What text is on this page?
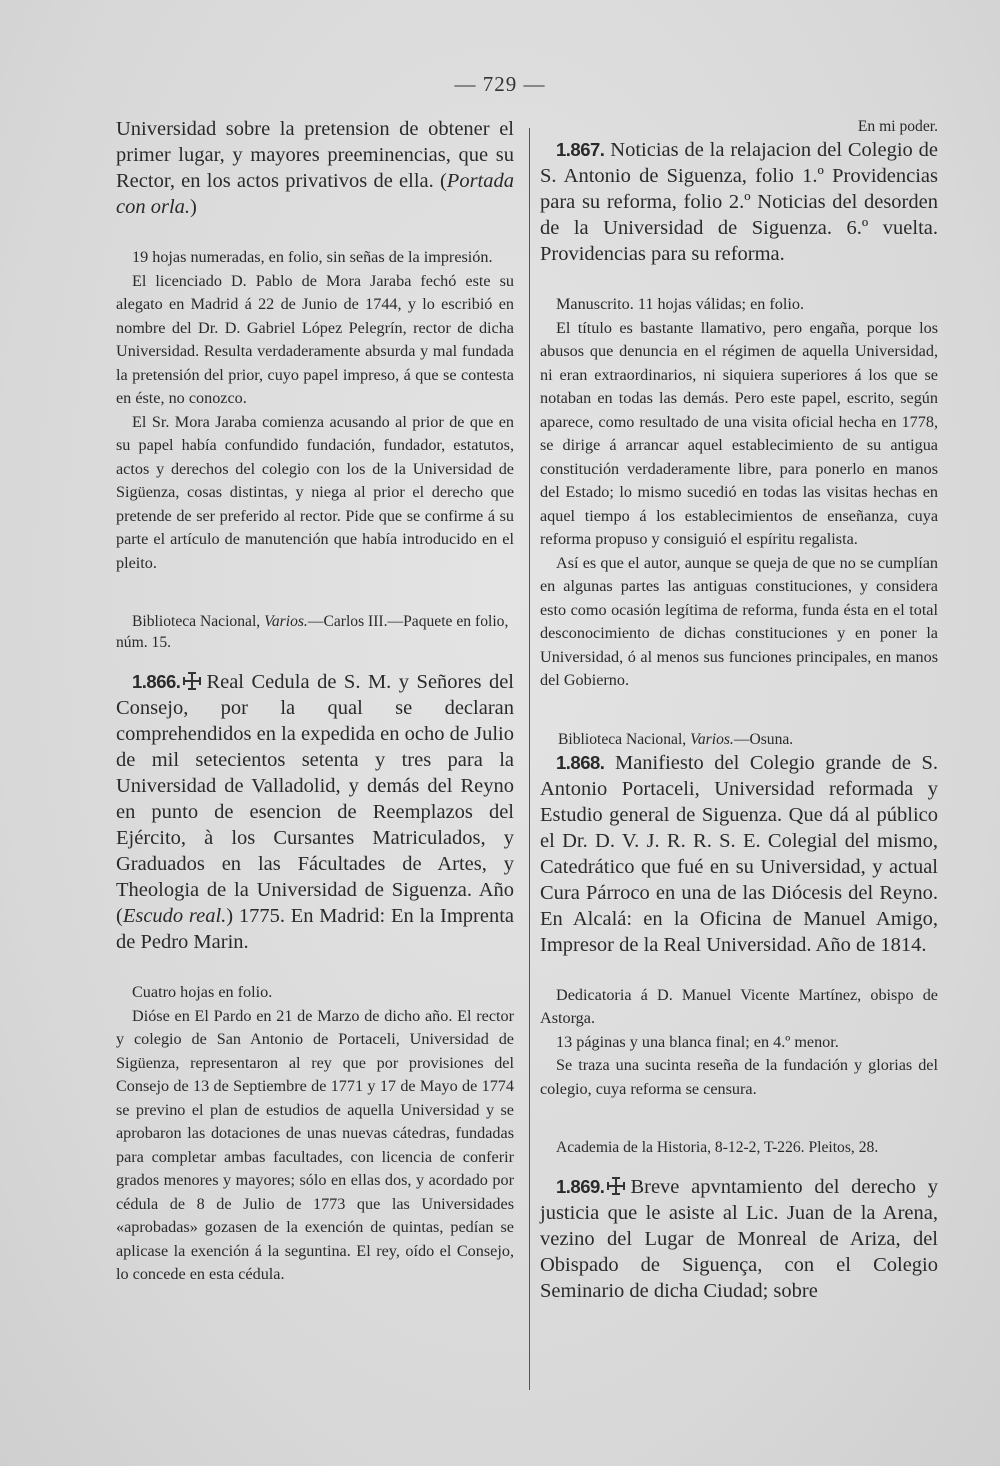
— 729 —

Universidad sobre la pretension de obtener el primer lugar, y mayores preeminencias, que su Rector, en los actos privativos de ella. (Portada con orla.)

19 hojas numeradas, en folio, sin señas de la impresión.

El licenciado D. Pablo de Mora Jaraba fechó este su alegato en Madrid á 22 de Junio de 1744, y lo escribió en nombre del Dr. D. Gabriel López Pelegrín, rector de dicha Universidad. Resulta verdaderamente absurda y mal fundada la pretensión del prior, cuyo papel impreso, á que se contesta en éste, no conozco.

El Sr. Mora Jaraba comienza acusando al prior de que en su papel había confundido fundación, fundador, estatutos, actos y derechos del colegio con los de la Universidad de Sigüenza, cosas distintas, y niega al prior el derecho que pretende de ser preferido al rector. Pide que se confirme á su parte el artículo de manutención que había introducido en el pleito.

Biblioteca Nacional, Varios.—Carlos III.—Paquete en folio, núm. 15.

1.866. Real Cedula de S. M. y Señores del Consejo, por la qual se declaran comprehendidos en la expedida en ocho de Julio de mil setecientos setenta y tres para la Universidad de Valladolid, y demás del Reyno en punto de esencion de Reemplazos del Ejército, à los Cursantes Matriculados, y Graduados en las Fácultades de Artes, y Theologia de la Universidad de Siguenza. Año (Escudo real.) 1775. En Madrid: En la Imprenta de Pedro Marin.

Cuatro hojas en folio.

Dióse en El Pardo en 21 de Marzo de dicho año. El rector y colegio de San Antonio de Portaceli, Universidad de Sigüenza, representaron al rey que por provisiones del Consejo de 13 de Septiembre de 1771 y 17 de Mayo de 1774 se previno el plan de estudios de aquella Universidad y se aprobaron las dotaciones de unas nuevas cátedras, fundadas para completar ambas facultades, con licencia de conferir grados menores y mayores; sólo en ellas dos, y acordado por cédula de 8 de Julio de 1773 que las Universidades «aprobadas» gozasen de la exención de quintas, pedían se aplicase la exención á la seguntina. El rey, oído el Consejo, lo concede en esta cédula.

En mi poder.

1.867. Noticias de la relajacion del Colegio de S. Antonio de Siguenza, folio 1.º Providencias para su reforma, folio 2.º Noticias del desorden de la Universidad de Siguenza. 6.º vuelta. Providencias para su reforma.

Manuscrito. 11 hojas válidas; en folio.

El título es bastante llamativo, pero engaña, porque los abusos que denuncia en el régimen de aquella Universidad, ni eran extraordinarios, ni siquiera superiores á los que se notaban en todas las demás. Pero este papel, escrito, según aparece, como resultado de una visita oficial hecha en 1778, se dirige á arrancar aquel establecimiento de su antigua constitución verdaderamente libre, para ponerlo en manos del Estado; lo mismo sucedió en todas las visitas hechas en aquel tiempo á los establecimientos de enseñanza, cuya reforma propuso y consiguió el espíritu regalista.

Así es que el autor, aunque se queja de que no se cumplían en algunas partes las antiguas constituciones, y considera esto como ocasión legítima de reforma, funda ésta en el total desconocimiento de dichas constituciones y en poner la Universidad, ó al menos sus funciones principales, en manos del Gobierno.

Biblioteca Nacional, Varios.—Osuna.

1.868. Manifiesto del Colegio grande de S. Antonio Portaceli, Universidad reformada y Estudio general de Siguenza. Que dá al público el Dr. D. V. J. R. R. S. E. Colegial del mismo, Catedrático que fué en su Universidad, y actual Cura Párroco en una de las Diócesis del Reyno. En Alcalá: en la Oficina de Manuel Amigo, Impresor de la Real Universidad. Año de 1814.

Dedicatoria á D. Manuel Vicente Martínez, obispo de Astorga.

13 páginas y una blanca final; en 4.º menor.

Se traza una sucinta reseña de la fundación y glorias del colegio, cuya reforma se censura.

Academia de la Historia, 8-12-2, T-226. Pleitos, 28.

1.869. Breve apvntamiento del derecho y justicia que le asiste al Lic. Juan de la Arena, vezino del Lugar de Monreal de Ariza, del Obispado de Siguença, con el Colegio Seminario de dicha Ciudad; sobre
